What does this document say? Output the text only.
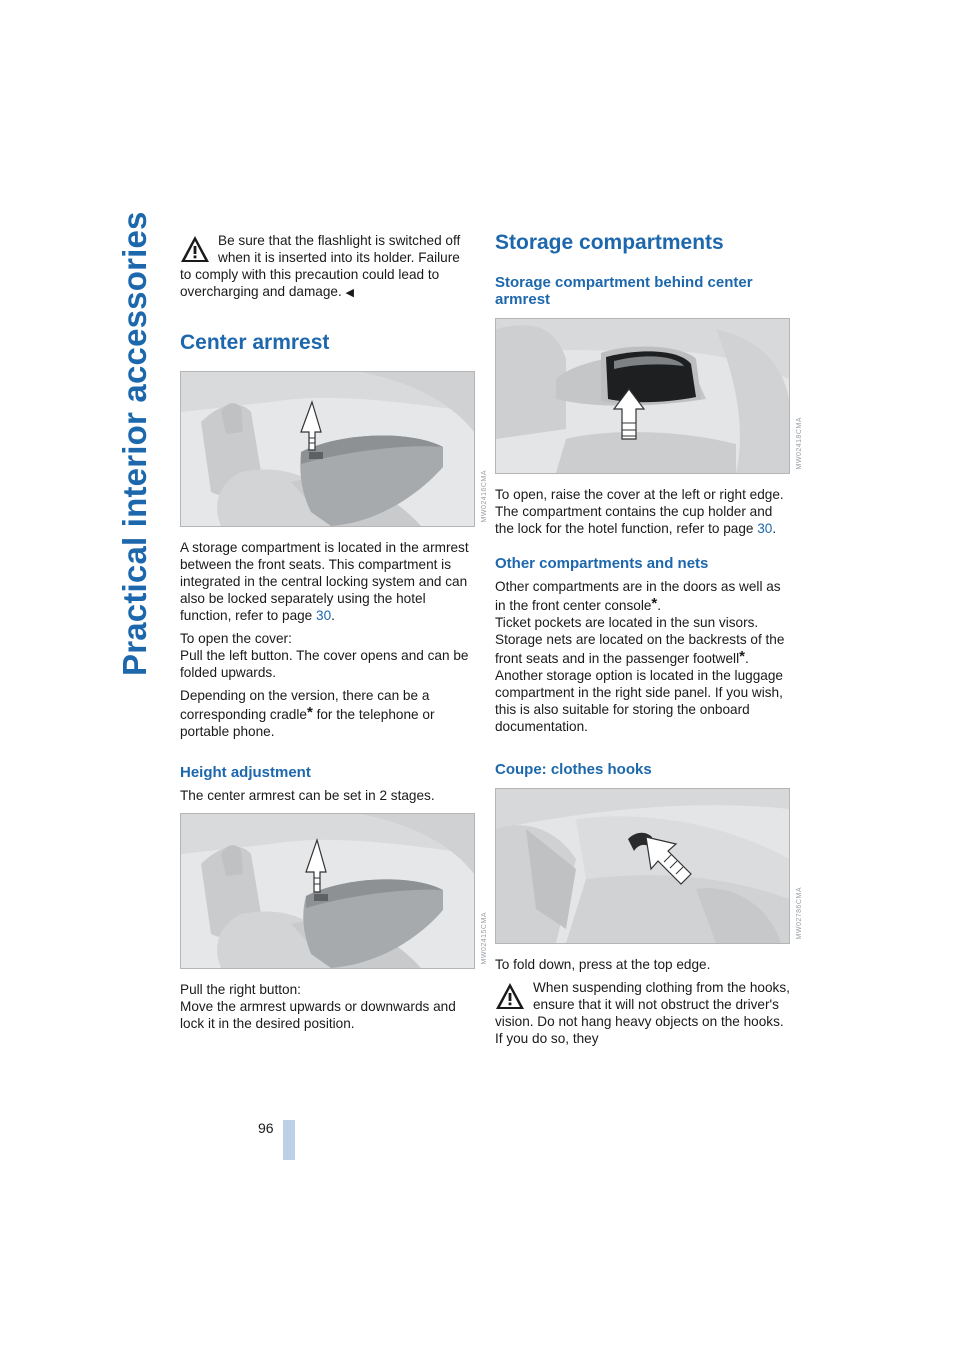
Practical interior accessories	Be sure that the flashlight is switched off when it is inserted into its holder. Failure to comply with this precaution could lead to overcharging and damage. ◀

Center armrest
MW02416CMA

A storage compartment is located in the armrest between the front seats. This compartment is integrated in the central locking system and can also be locked separately using the hotel function, refer to page 30.

To open the cover:
Pull the left button. The cover opens and can be folded upwards.

Depending on the version, there can be a corresponding cradle* for the telephone or portable phone.

Height adjustment

The center armrest can be set in 2 stages.

MW02415CMA

Pull the right button:
Move the armrest upwards or downwards and lock it in the desired position.

Storage compartments
Storage compartment behind center armrest
MW02418CMA

To open, raise the cover at the left or right edge. The compartment contains the cup holder and the lock for the hotel function, refer to page 30.

Other compartments and nets

Other compartments are in the doors as well as in the front center console*.
Ticket pockets are located in the sun visors.
Storage nets are located on the backrests of the front seats and in the passenger footwell*.
Another storage option is located in the luggage compartment in the right side panel. If you wish, this is also suitable for storing the onboard documentation.

Coupe: clothes hooks
MW02786CMA

To fold down, press at the top edge.

When suspending clothing from the hooks, ensure that it will not obstruct the driver's vision. Do not hang heavy objects on the hooks. If you do so, they

96
